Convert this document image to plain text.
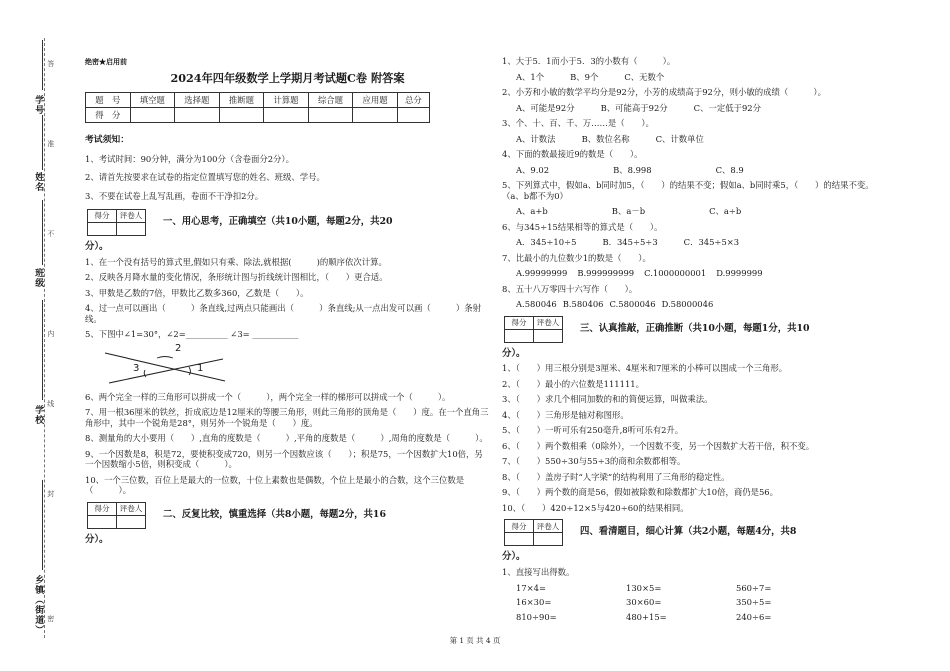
学号
姓名
班级
学校
乡镇（街道） 密
封
线
内
不
准
答	绝密★启用前
2024年四年级数学上学期月考试题C卷 附答案
题　号	填空题	选择题	推断题	计算题	综合题	应用题	总分
得　分							
考试须知：

1、考试时间：90分钟，满分为100分（含卷面分2分）。

2、请首先按要求在试卷的指定位置填写您的姓名、班级、学号。

3、不要在试卷上乱写乱画，卷面不干净扣2分。

得分	评卷人

一、用心思考，正确填空（共10小题，每题2分，共20
分）。
1、在一个没有括号的算式里,假如只有乘、除法,就根据(　　　)的顺序依次计算。
2、反映各月降水量的变化情况，条形统计图与折线统计图相比，（　　）更合适。
3、甲数是乙数的7倍，甲数比乙数多360，乙数是（　　）。
4、过一点可以画出（　　　）条直线,过两点只能画出（　　　）条直线;从一点出发可以画（　　　）条射线。
5、下图中∠1=30°，∠2=__________ ∠3= ___________
2
3	1
6、两个完全一样的三角形可以拼成一个（　　　），两个完全一样的梯形可以拼成一个（　　　）。
7、用一根36厘米的铁丝，折成底边是12厘米的等腰三角形，则此三角形的顶角是（　　）度。在一个直角三角形中，其中一个锐角是28°，则另外一个锐角是（　　）度。
8、测量角的大小要用（　　）,直角的度数是（　　　）,平角的度数是（　　　）,周角的度数是（　　　）。
9、一个因数是8，积是72，要使积变成720，则另一个因数应该（　　）；积是75，一个因数扩大10倍，另一个因数缩小5倍，则积变成（　　　）。
10、一个三位数，百位上是最大的一位数，十位上素数也是偶数，个位上是最小的合数，这个三位数是（　　　）。
得分	评卷人

二、反复比较，慎重选择（共8小题，每题2分，共16
分）。
1、大于5．1而小于5．3的小数有（　　　）。
A、1个	B、9个	C、无数个
2、小芳和小敏的数学平均分是92分，小芳的成绩高于92分，则小敏的成绩（　　　）。
A、可能是92分	B、可能高于92分	C、一定低于92分
3、个、十、百、千、万……是（　　）。
A、计数法	B、数位名称	C、计数单位
4、下面的数最接近9的数是（　　）。
A、9.02	B、8.998	C、8.9
5、下列算式中，假如a、b同时加5，（　　）的结果不变；假如a、b同时乘5，（　　）的结果不变。（a、b都不为0）
A、a+b	B、a－b	C、a÷b
6、与345÷15结果相等的算式是（　　）。
A．345÷10÷5	B．345÷5÷3	C．345÷5×3
7、比最小的九位数少1的数是（　　）。
A.99999999 B.999999999 C.1000000001 D.9999999
8、五十八万零四十六写作（　　）。
A.580046 B.580406 C.5800046 D.58000046
得分	评卷人

三、认真推敲，正确推断（共10小题，每题1分，共10
分）。
1、（　　）用三根分别是3厘米、4厘米和7厘米的小棒可以围成一个三角形。
2、（　　）最小的六位数是111111。
3、（　　）求几个相同加数的和的简便运算，叫做乘法。
4、（　　）三角形是轴对称图形。
5、（　　）一听可乐有250毫升,8听可乐有2升。
6、（　　）两个数相乘（0除外），一个因数不变，另一个因数扩大若干倍，积不变。
7、（　　）550÷30与55÷3的商和余数都相等。
8、（　　）盖房子时“人字梁”的结构利用了三角形的稳定性。
9、（　　）两个数的商是56，假如被除数和除数都扩大10倍，商仍是56。
10、（　　）420÷12×5与420÷60的结果相同。
得分	评卷人

四、看清题目，细心计算（共2小题，每题4分，共8
分）。
1、直接写出得数。
17×4=	130×5=	560÷7=
16×30=	30×60=	350÷5=
810÷90=	480+15=	240÷6=
第 1 页 共 4 页
